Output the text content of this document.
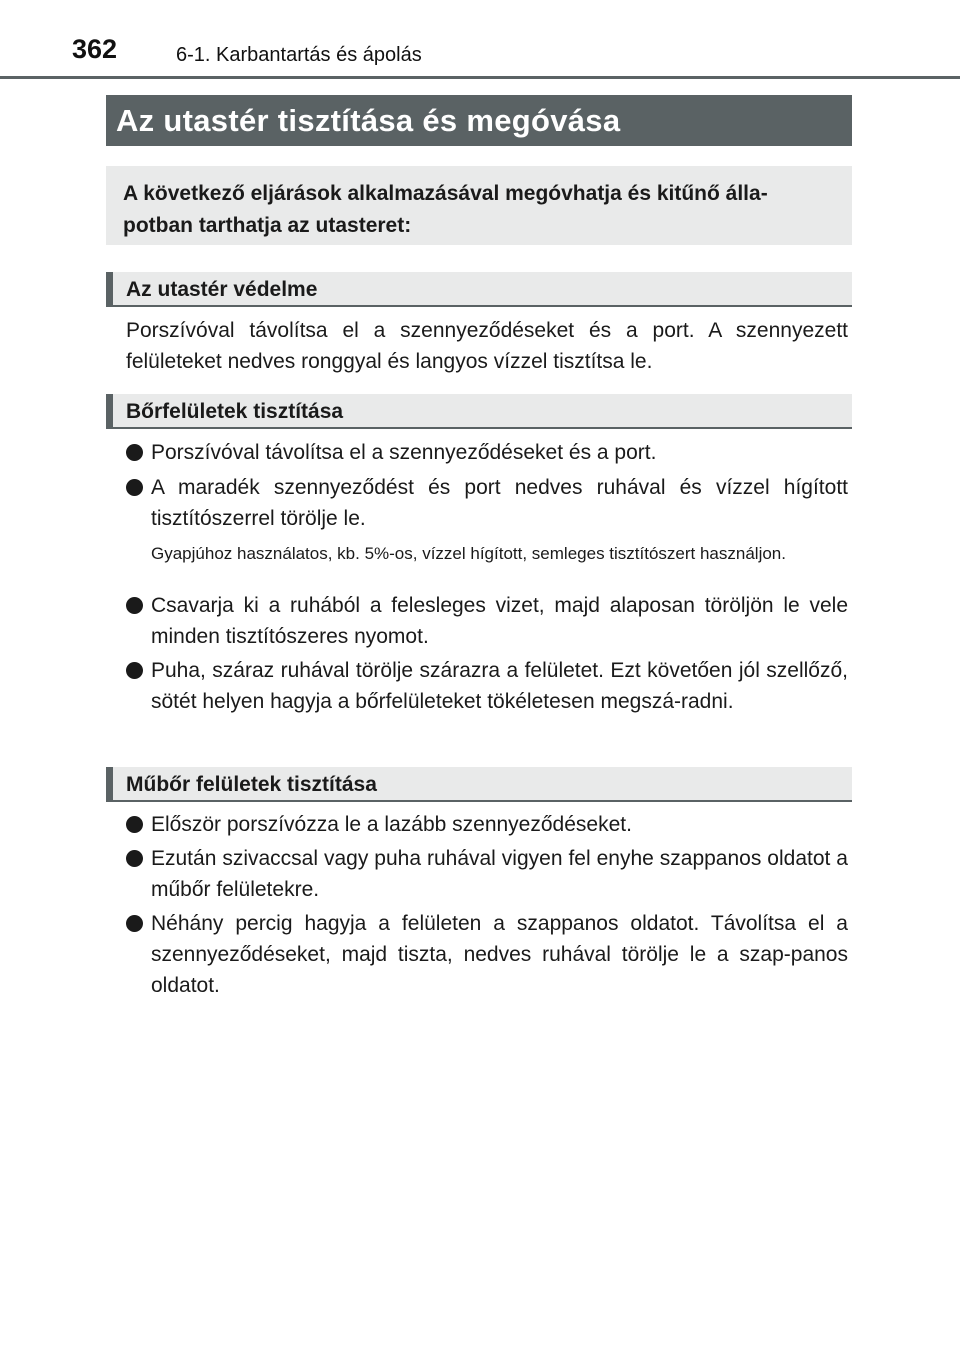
362	6-1. Karbantartás és ápolás
Az utastér tisztítása és megóvása
A következő eljárások alkalmazásával megóvhatja és kitűnő álla-
potban tarthatja az utasteret:
Az utastér védelme
Porszívóval távolítsa el a szennyeződéseket és a port. A szennyezett felületeket nedves ronggyal és langyos vízzel tisztítsa le.
Bőrfelületek tisztítása
Porszívóval távolítsa el a szennyeződéseket és a port.
A maradék szennyeződést és port nedves ruhával és vízzel hígított tisztítószerrel törölje le.
Gyapjúhoz használatos, kb. 5%-os, vízzel hígított, semleges tisztítószert használjon.
Csavarja ki a ruhából a felesleges vizet, majd alaposan töröljön le vele minden tisztítószeres nyomot.
Puha, száraz ruhával törölje szárazra a felületet. Ezt követően jól szellőző, sötét helyen hagyja a bőrfelületeket tökéletesen megszá-radni.
Műbőr felületek tisztítása
Először porszívózza le a lazább szennyeződéseket.
Ezután szivaccsal vagy puha ruhával vigyen fel enyhe szappanos oldatot a műbőr felületekre.
Néhány percig hagyja a felületen a szappanos oldatot. Távolítsa el a szennyeződéseket, majd tiszta, nedves ruhával törölje le a szap-panos oldatot.
